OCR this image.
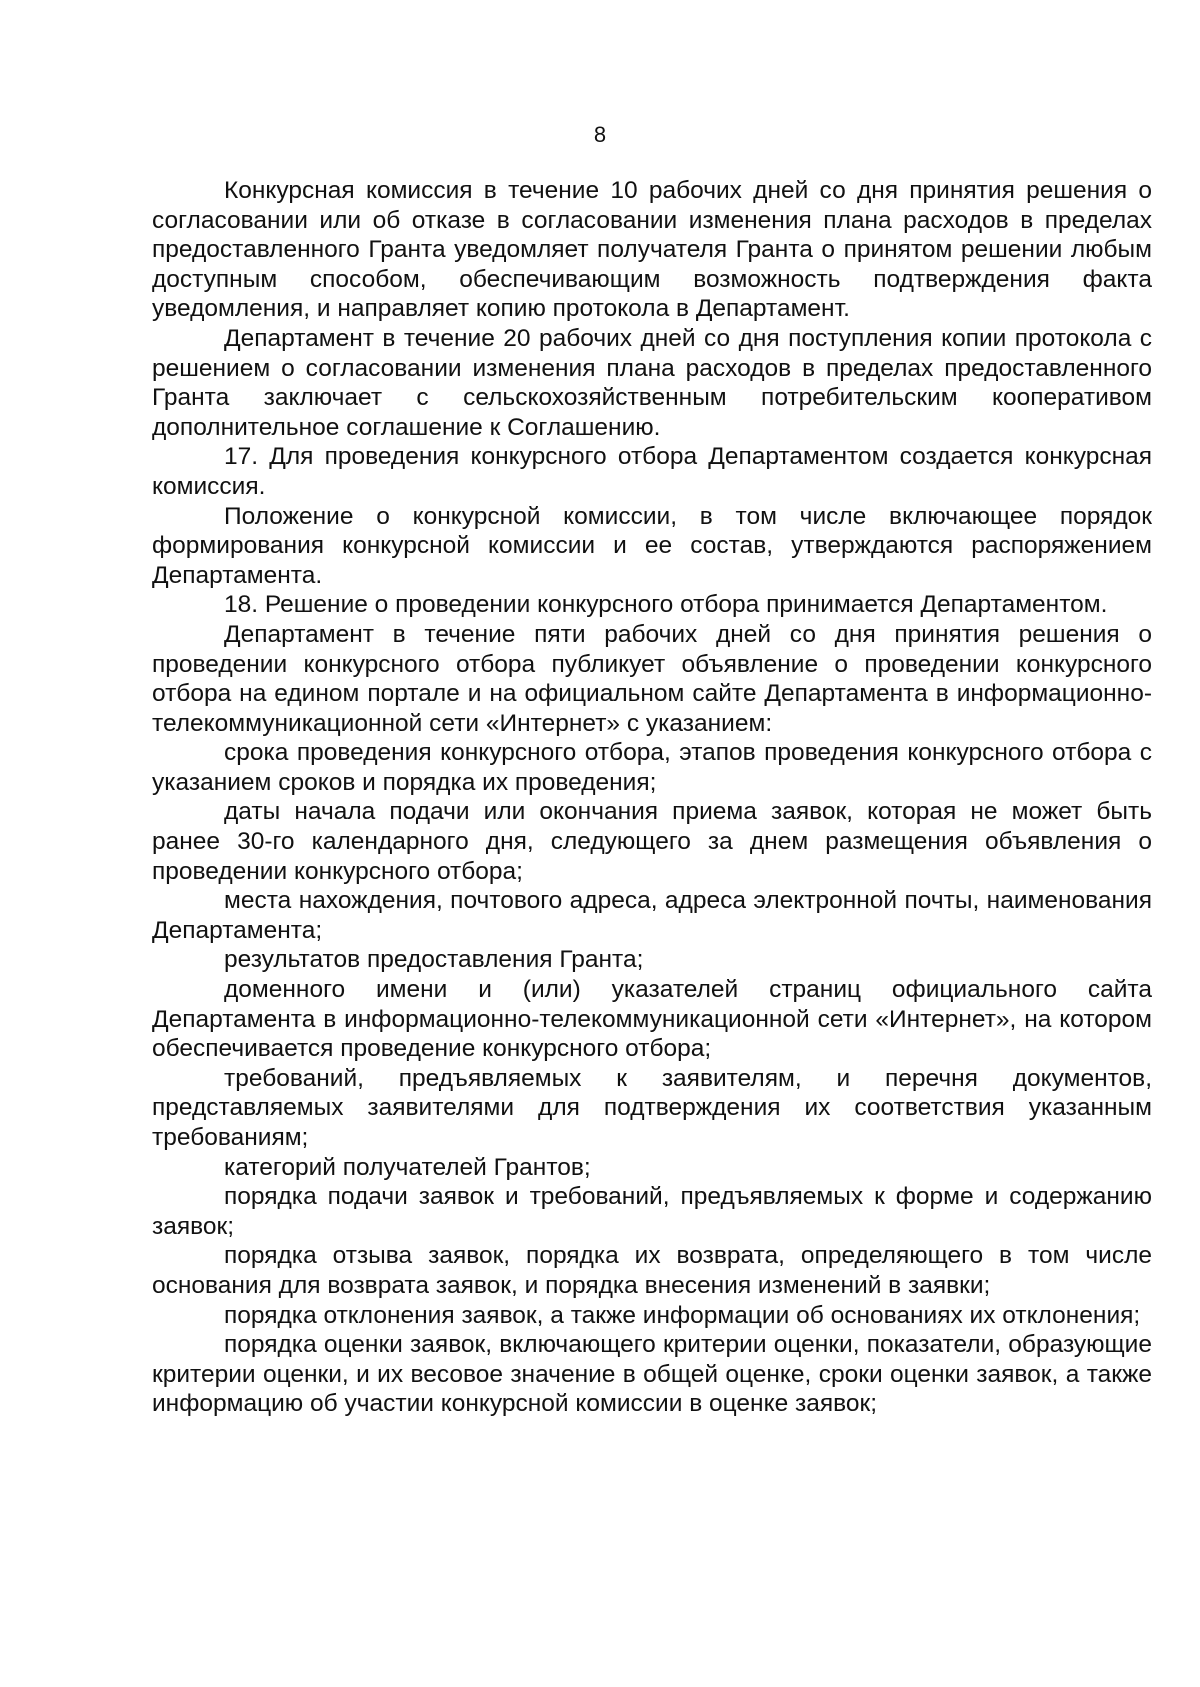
8

Конкурсная комиссия в течение 10 рабочих дней со дня принятия решения о согласовании или об отказе в согласовании изменения плана расходов в пределах предоставленного Гранта уведомляет получателя Гранта о принятом решении любым доступным способом, обеспечивающим возможность подтверждения факта уведомления, и направляет копию протокола в Департамент.

Департамент в течение 20 рабочих дней со дня поступления копии протокола с решением о согласовании изменения плана расходов в пределах предоставленного Гранта заключает с сельскохозяйственным потребительским кооперативом дополнительное соглашение к Соглашению.

17. Для проведения конкурсного отбора Департаментом создается конкурсная комиссия.

Положение о конкурсной комиссии, в том числе включающее порядок формирования конкурсной комиссии и ее состав, утверждаются распоряжением Департамента.

18. Решение о проведении конкурсного отбора принимается Департаментом.

Департамент в течение пяти рабочих дней со дня принятия решения о проведении конкурсного отбора публикует объявление о проведении конкурсного отбора на едином портале и на официальном сайте Департамента в информационно-телекоммуникационной сети «Интернет» с указанием:

срока проведения конкурсного отбора, этапов проведения конкурсного отбора с указанием сроков и порядка их проведения;

даты начала подачи или окончания приема заявок, которая не может быть ранее 30-го календарного дня, следующего за днем размещения объявления о проведении конкурсного отбора;

места нахождения, почтового адреса, адреса электронной почты, наименования Департамента;

результатов предоставления Гранта;

доменного имени и (или) указателей страниц официального сайта Департамента в информационно-телекоммуникационной сети «Интернет», на котором обеспечивается проведение конкурсного отбора;

требований, предъявляемых к заявителям, и перечня документов, представляемых заявителями для подтверждения их соответствия указанным требованиям;

категорий получателей Грантов;

порядка подачи заявок и требований, предъявляемых к форме и содержанию заявок;

порядка отзыва заявок, порядка их возврата, определяющего в том числе основания для возврата заявок, и порядка внесения изменений в заявки;

порядка отклонения заявок, а также информации об основаниях их отклонения;

порядка оценки заявок, включающего критерии оценки, показатели, образующие критерии оценки, и их весовое значение в общей оценке, сроки оценки заявок, а также информацию об участии конкурсной комиссии в оценке заявок;
